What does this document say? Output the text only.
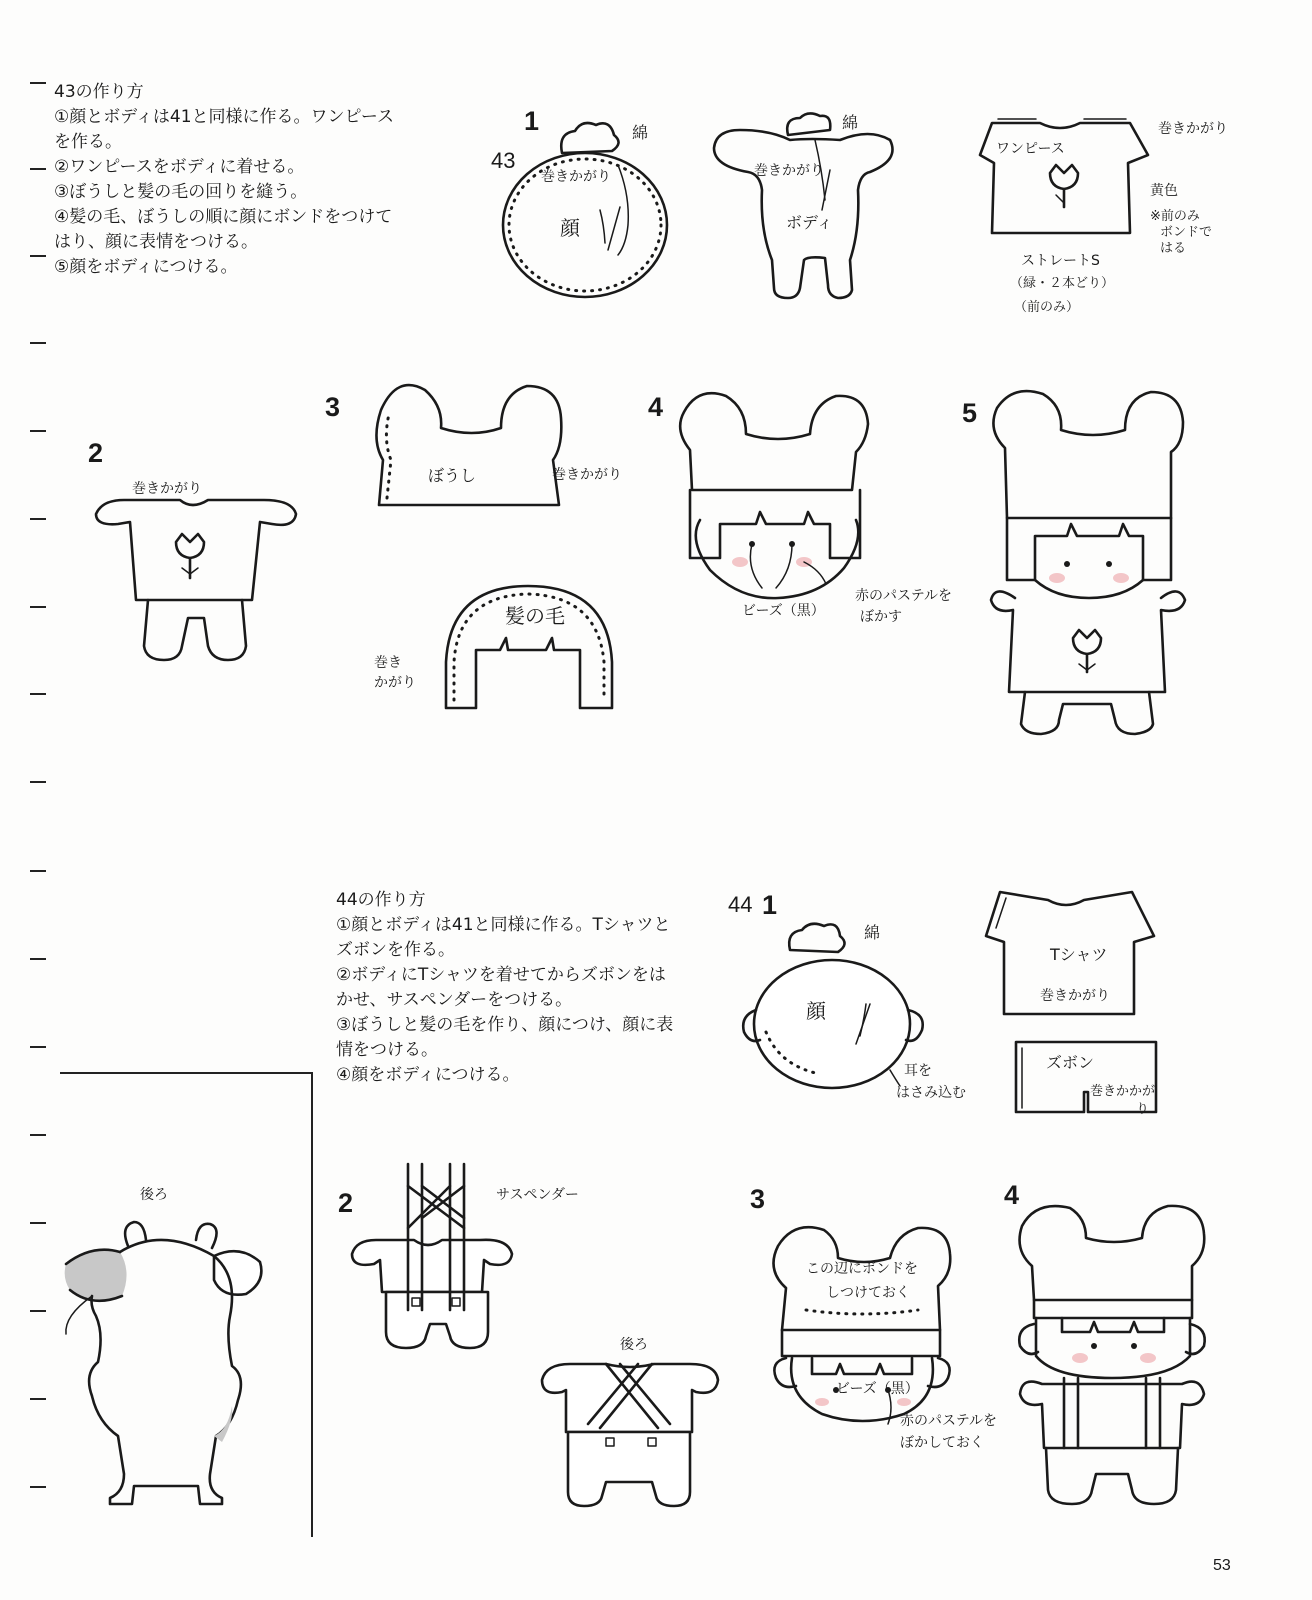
43の作り方
①顔とボディは41と同様に作る。ワンピース
を作る。
②ワンピースをボディに着せる。
③ぼうしと髪の毛の回りを縫う。
④髪の毛、ぼうしの順に顔にボンドをつけて
はり、顔に表情をつける。
⑤顔をボディにつける。
1
43
綿
巻きかがり
顔
綿
巻きかがり
ボディ
ワンピース
巻きかがり
黄色
※前のみ
ボンドで
はる
ストレートS
（緑・２本どり）
（前のみ）
2
巻きかがり
3
ぼうし	巻きかがり
髪の毛
巻き
かがり
4
ビーズ（黒）
赤のパステルを
ぼかす
5
44の作り方
①顔とボディは41と同様に作る。Tシャツと
ズボンを作る。
②ボディにTシャツを着せてからズボンをは
かせ、サスペンダーをつける。
③ぼうしと髪の毛を作り、顔につけ、顔に表
情をつける。
④顔をボディにつける。
44 1
綿
顔
耳を
はさみ込む
Tシャツ
巻きかがり
ズボン
巻きかかが
り
2	サスペンダー
後ろ
3
この辺にボンドを
しつけておく
ビーズ（黒）
赤のパステルを
ぼかしておく
4
後ろ
53
